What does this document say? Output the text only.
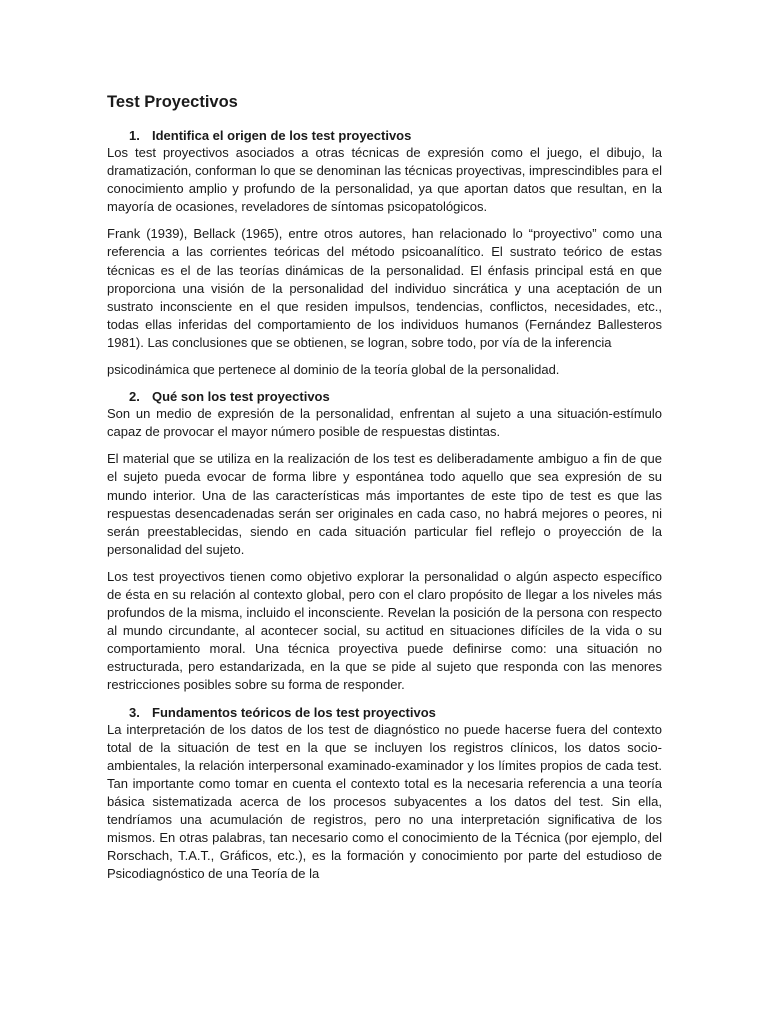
Test Proyectivos
1. Identifica el origen de los test proyectivos

Los test proyectivos asociados a otras técnicas de expresión como el juego, el dibujo, la dramatización, conforman lo que se denominan las técnicas proyectivas, imprescindibles para el conocimiento amplio y profundo de la personalidad, ya que aportan datos que resultan, en la mayoría de ocasiones, reveladores de síntomas psicopatológicos.

Frank (1939), Bellack (1965), entre otros autores, han relacionado lo “proyectivo” como una referencia a las corrientes teóricas del método psicoanalítico. El sustrato teórico de estas técnicas es el de las teorías dinámicas de la personalidad. El énfasis principal está en que proporciona una visión de la personalidad del individuo sincrática y una aceptación de un sustrato inconsciente en el que residen impulsos, tendencias, conflictos, necesidades, etc., todas ellas inferidas del comportamiento de los individuos humanos (Fernández Ballesteros 1981). Las conclusiones que se obtienen, se logran, sobre todo, por vía de la inferencia

psicodinámica que pertenece al dominio de la teoría global de la personalidad.

2. Qué son los test proyectivos

Son un medio de expresión de la personalidad, enfrentan al sujeto a una situación-estímulo capaz de provocar el mayor número posible de respuestas distintas.

El material que se utiliza en la realización de los test es deliberadamente ambiguo a fin de que el sujeto pueda evocar de forma libre y espontánea todo aquello que sea expresión de su mundo interior. Una de las características más importantes de este tipo de test es que las respuestas desencadenadas serán ser originales en cada caso, no habrá mejores o peores, ni serán preestablecidas, siendo en cada situación particular fiel reflejo o proyección de la personalidad del sujeto.

Los test proyectivos tienen como objetivo explorar la personalidad o algún aspecto específico de ésta en su relación al contexto global, pero con el claro propósito de llegar a los niveles más profundos de la misma, incluido el inconsciente. Revelan la posición de la persona con respecto al mundo circundante, al acontecer social, su actitud en situaciones difíciles de la vida o su comportamiento moral. Una técnica proyectiva puede definirse como: una situación no estructurada, pero estandarizada, en la que se pide al sujeto que responda con las menores restricciones posibles sobre su forma de responder.

3. Fundamentos teóricos de los test proyectivos

La interpretación de los datos de los test de diagnóstico no puede hacerse fuera del contexto total de la situación de test en la que se incluyen los registros clínicos, los datos socio-ambientales, la relación interpersonal examinado-examinador y los límites propios de cada test. Tan importante como tomar en cuenta el contexto total es la necesaria referencia a una teoría básica sistematizada acerca de los procesos subyacentes a los datos del test. Sin ella, tendríamos una acumulación de registros, pero no una interpretación significativa de los mismos. En otras palabras, tan necesario como el conocimiento de la Técnica (por ejemplo, del Rorschach, T.A.T., Gráficos, etc.), es la formación y conocimiento por parte del estudioso de Psicodiagnóstico de una Teoría de la
